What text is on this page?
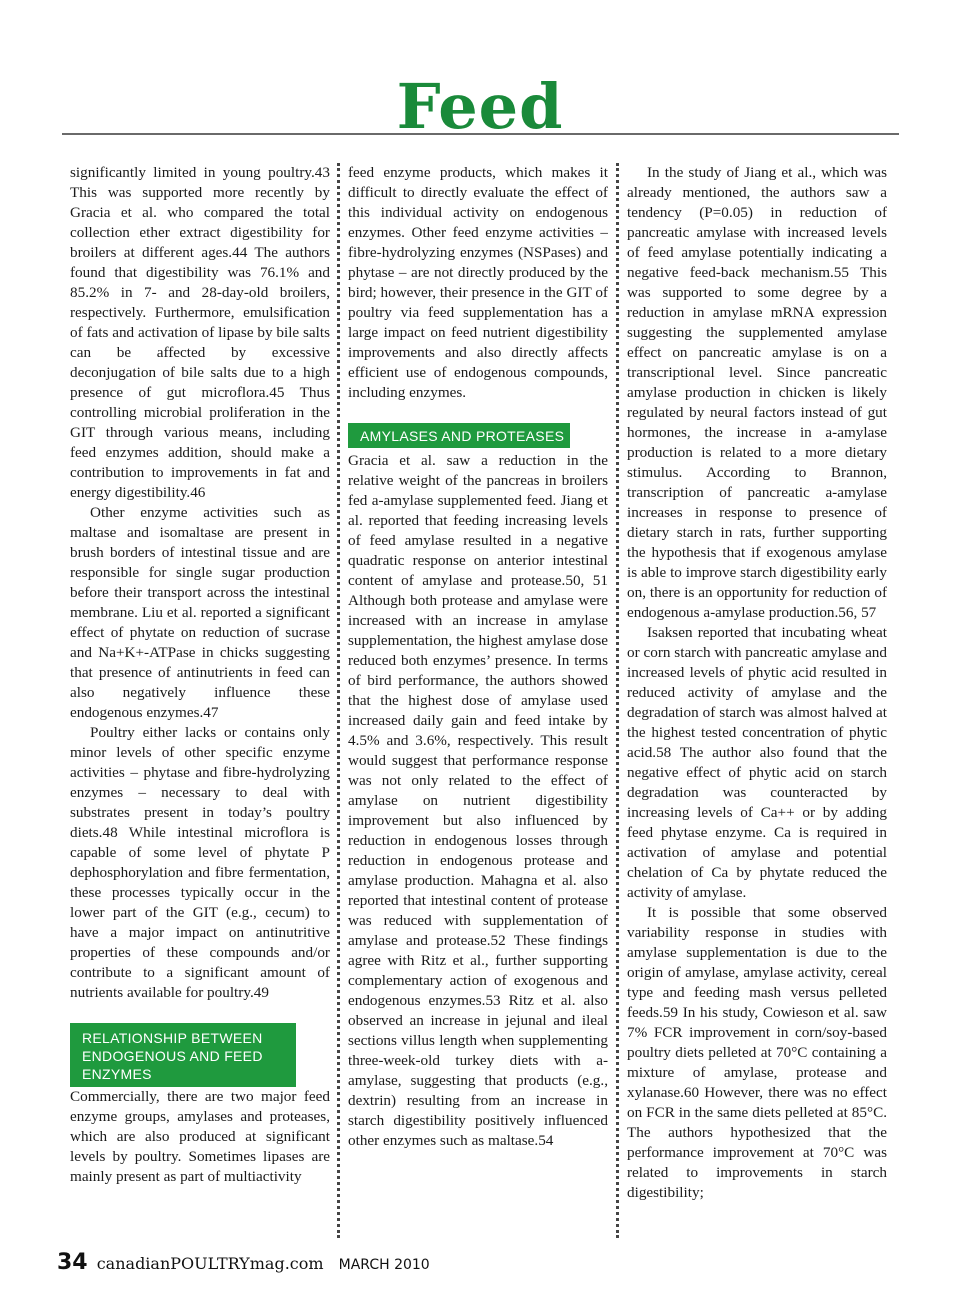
Feed

significantly limited in young poultry.43 This was supported more recently by Gracia et al. who compared the total collection ether extract digestibility for broilers at different ages.44 The authors found that digestibility was 76.1% and 85.2% in 7- and 28-day-old broilers, respectively. Furthermore, emulsification of fats and activation of lipase by bile salts can be affected by excessive deconjugation of bile salts due to a high presence of gut microflora.45 Thus controlling microbial proliferation in the GIT through various means, including feed enzymes addition, should make a contribution to improvements in fat and energy digestibility.46

Other enzyme activities such as maltase and isomaltase are present in brush borders of intestinal tissue and are responsible for single sugar production before their transport across the intestinal membrane. Liu et al. reported a significant effect of phytate on reduction of sucrase and Na+K+-ATPase in chicks suggesting that presence of antinutrients in feed can also negatively influence these endogenous enzymes.47

Poultry either lacks or contains only minor levels of other specific enzyme activities – phytase and fibre-hydrolyzing enzymes – necessary to deal with substrates present in today’s poultry diets.48 While intestinal microflora is capable of some level of phytate P dephosphorylation and fibre fermentation, these processes typically occur in the lower part of the GIT (e.g., cecum) to have a major impact on antinutritive properties of these compounds and/or contribute to a significant amount of nutrients available for poultry.49

RELATIONSHIP BETWEEN ENDOGENOUS AND FEED ENZYMES

Commercially, there are two major feed enzyme groups, amylases and proteases, which are also produced at significant levels by poultry. Sometimes lipases are mainly present as part of multiactivity

feed enzyme products, which makes it difficult to directly evaluate the effect of this individual activity on endogenous enzymes. Other feed enzyme activities – fibre-hydrolyzing enzymes (NSPases) and phytase – are not directly produced by the bird; however, their presence in the GIT of poultry via feed supplementation has a large impact on feed nutrient digestibility improvements and also directly affects efficient use of endogenous compounds, including enzymes.

AMYLASES AND PROTEASES

Gracia et al. saw a reduction in the relative weight of the pancreas in broilers fed a-amylase supplemented feed. Jiang et al. reported that feeding increasing levels of feed amylase resulted in a negative quadratic response on anterior intestinal content of amylase and protease.50, 51 Although both protease and amylase were increased with an increase in amylase supplementation, the highest amylase dose reduced both enzymes’ presence. In terms of bird performance, the authors showed that the highest dose of amylase used increased daily gain and feed intake by 4.5% and 3.6%, respectively. This result would suggest that performance response was not only related to the effect of amylase on nutrient digestibility improvement but also influenced by reduction in endogenous losses through reduction in endogenous protease and amylase production. Mahagna et al. also reported that intestinal content of protease was reduced with supplementation of amylase and protease.52 These findings agree with Ritz et al., further supporting complementary action of exogenous and endogenous enzymes.53 Ritz et al. also observed an increase in jejunal and ileal sections villus length when supplementing three-week-old turkey diets with a-amylase, suggesting that products (e.g., dextrin) resulting from an increase in starch digestibility positively influenced other enzymes such as maltase.54

In the study of Jiang et al., which was already mentioned, the authors saw a tendency (P=0.05) in reduction of pancreatic amylase with increased levels of feed amylase potentially indicating a negative feed-back mechanism.55 This was supported to some degree by a reduction in amylase mRNA expression suggesting the supplemented amylase effect on pancreatic amylase is on a transcriptional level. Since pancreatic amylase production in chicken is likely regulated by neural factors instead of gut hormones, the increase in a-amylase production is related to a more dietary stimulus. According to Brannon, transcription of pancreatic a-amylase increases in response to presence of dietary starch in rats, further supporting the hypothesis that if exogenous amylase is able to improve starch digestibility early on, there is an opportunity for reduction of endogenous a-amylase production.56, 57

Isaksen reported that incubating wheat or corn starch with pancreatic amylase and increased levels of phytic acid resulted in reduced activity of amylase and the degradation of starch was almost halved at the highest tested concentration of phytic acid.58 The author also found that the negative effect of phytic acid on starch degradation was counteracted by increasing levels of Ca++ or by adding feed phytase enzyme. Ca is required in activation of amylase and potential chelation of Ca by phytate reduced the activity of amylase.

It is possible that some observed variability response in studies with amylase supplementation is due to the origin of amylase, amylase activity, cereal type and feeding mash versus pelleted feeds.59 In his study, Cowieson et al. saw 7% FCR improvement in corn/soy-based poultry diets pelleted at 70°C containing a mixture of amylase, protease and xylanase.60 However, there was no effect on FCR in the same diets pelleted at 85°C. The authors hypothesized that the performance improvement at 70°C was related to improvements in starch digestibility;

34 canadianPOULTRYmag.com MARCH 2010
